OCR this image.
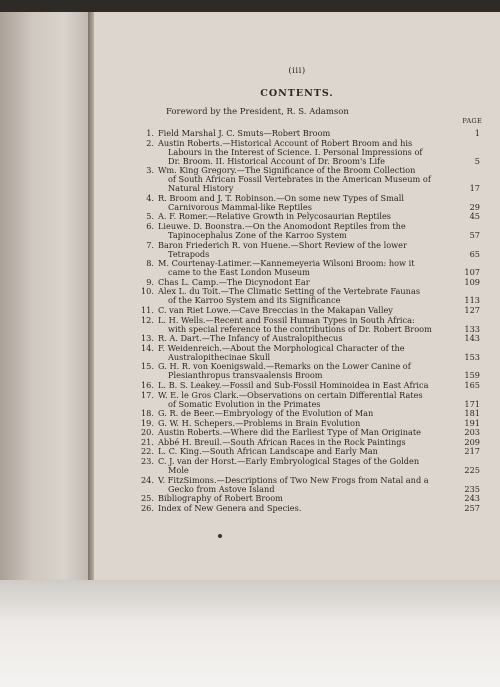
(iii)
CONTENTS.
Foreword by the President, R. S. Adamson
PAGE
1. Field Marshal J. C. Smuts—Robert Broom	1
2. Austin Roberts.—Historical Account of Robert Broom and his
Labours in the Interest of Science. I. Personal Impressions of
Dr. Broom. II. Historical Account of Dr. Broom's Life	5
3. Wm. King Gregory.—The Significance of the Broom Collection
of South African Fossil Vertebrates in the American Museum of
Natural History	17
4. R. Broom and J. T. Robinson.—On some new Types of Small
Carnivorous Mammal-like Reptiles	29
5. A. F. Romer.—Relative Growth in Pelycosaurian Reptiles	45
6. Lieuwe. D. Boonstra.—On the Anomodont Reptiles from the
Tapinocephalus Zone of the Karroo System	57
7. Baron Friederich R. von Huene.—Short Review of the lower
Tetrapods	65
8. M. Courtenay-Latimer.—Kannemeyeria Wilsoni Broom: how it
came to the East London Museum	107
9. Chas L. Camp.—The Dicynodont Ear	109
10. Alex L. du Toit.—The Climatic Setting of the Vertebrate Faunas
of the Karroo System and its Significance	113
11. C. van Riet Lowe.—Cave Breccias in the Makapan Valley	127
12. L. H. Wells.—Recent and Fossil Human Types in South Africa:
with special reference to the contributions of Dr. Robert Broom	133
13. R. A. Dart.—The Infancy of Australopithecus	143
14. F. Weidenreich.—About the Morphological Character of the
Australopithecinae Skull	153
15. G. H. R. von Koenigswald.—Remarks on the Lower Canine of
Plesianthropus transvaalensis Broom	159
16. L. B. S. Leakey.—Fossil and Sub-Fossil Hominoidea in East Africa	165
17. W. E. le Gros Clark.—Observations on certain Differential Rates
of Somatic Evolution in the Primates	171
18. G. R. de Beer.—Embryology of the Evolution of Man	181
19. G. W. H. Schepers.—Problems in Brain Evolution	191
20. Austin Roberts.—Where did the Earliest Type of Man Originate	203
21. Abbé H. Breuil.—South African Races in the Rock Paintings	209
22. L. C. King.—South African Landscape and Early Man	217
23. C. J. van der Horst.—Early Embryological Stages of the Golden
Mole	225
24. V. FitzSimons.—Descriptions of Two New Frogs from Natal and a
Gecko from Astove Island	235
25. Bibliography of Robert Broom	243
26. Index of New Genera and Species.	257
